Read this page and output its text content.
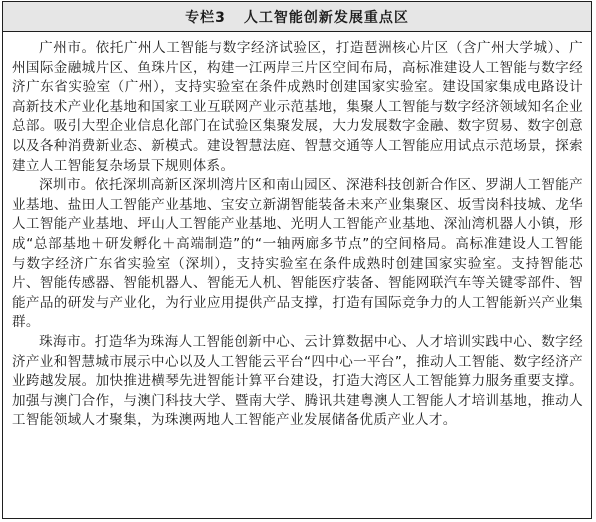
专栏3 人工智能创新发展重点区

广州市。依托广州人工智能与数字经济试验区，打造琶洲核心片区（含广州大学城）、广州国际金融城片区、鱼珠片区，构建一江两岸三片区空间布局，高标准建设人工智能与数字经济广东省实验室（广州），支持实验室在条件成熟时创建国家实验室。建设国家集成电路设计高新技术产业化基地和国家工业互联网产业示范基地，集聚人工智能与数字经济领域知名企业总部。吸引大型企业信息化部门在试验区集聚发展，大力发展数字金融、数字贸易、数字创意以及各种消费新业态、新模式。建设智慧法庭、智慧交通等人工智能应用试点示范场景，探索建立人工智能复杂场景下规则体系。

深圳市。依托深圳高新区深圳湾片区和南山园区、深港科技创新合作区、罗湖人工智能产业基地、盐田人工智能产业基地、宝安立新湖智能装备未来产业集聚区、坂雪岗科技城、龙华人工智能产业基地、坪山人工智能产业基地、光明人工智能产业基地、深汕湾机器人小镇，形成“总部基地＋研发孵化＋高端制造”的“一轴两廊多节点”的空间格局。高标准建设人工智能与数字经济广东省实验室（深圳），支持实验室在条件成熟时创建国家实验室。支持智能芯片、智能传感器、智能机器人、智能无人机、智能医疗装备、智能网联汽车等关键零部件、智能产品的研发与产业化，为行业应用提供产品支撑，打造有国际竞争力的人工智能新兴产业集群。

珠海市。打造华为珠海人工智能创新中心、云计算数据中心、人才培训实践中心、数字经济产业和智慧城市展示中心以及人工智能云平台“四中心一平台”，推动人工智能、数字经济产业跨越发展。加快推进横琴先进智能计算平台建设，打造大湾区人工智能算力服务重要支撑。加强与澳门合作，与澳门科技大学、暨南大学、腾讯共建粤澳人工智能人才培训基地，推动人工智能领域人才聚集，为珠澳两地人工智能产业发展储备优质产业人才。
